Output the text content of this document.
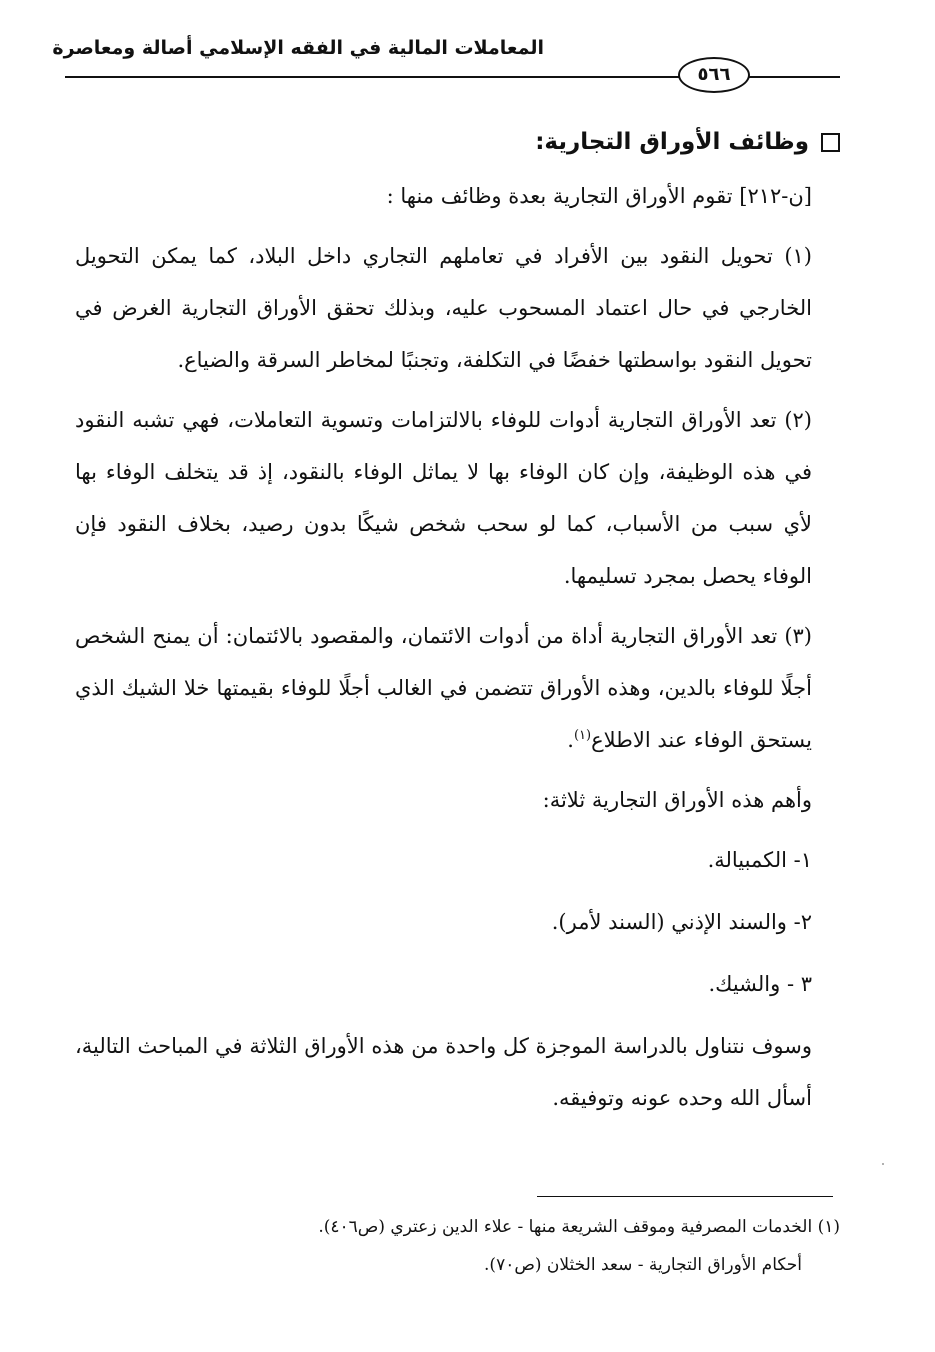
المعاملات المالية في الفقه الإسلامي أصالة ومعاصرة
٥٦٦
وظائف الأوراق التجارية:

[ن-٢١٢] تقوم الأوراق التجارية بعدة وظائف منها :

(١) تحويل النقود بين الأفراد في تعاملهم التجاري داخل البلاد، كما يمكن التحويل الخارجي في حال اعتماد المسحوب عليه، وبذلك تحقق الأوراق التجارية الغرض في تحويل النقود بواسطتها خفضًا في التكلفة، وتجنبًا لمخاطر السرقة والضياع.

(٢) تعد الأوراق التجارية أدوات للوفاء بالالتزامات وتسوية التعاملات، فهي تشبه النقود في هذه الوظيفة، وإن كان الوفاء بها لا يماثل الوفاء بالنقود، إذ قد يتخلف الوفاء بها لأي سبب من الأسباب، كما لو سحب شخص شيكًا بدون رصيد، بخلاف النقود فإن الوفاء يحصل بمجرد تسليمها.

(٣) تعد الأوراق التجارية أداة من أدوات الائتمان، والمقصود بالائتمان: أن يمنح الشخص أجلًا للوفاء بالدين، وهذه الأوراق تتضمن في الغالب أجلًا للوفاء بقيمتها خلا الشيك الذي يستحق الوفاء عند الاطلاع$^{(١)}$.

وأهم هذه الأوراق التجارية ثلاثة:

١- الكمبيالة.
٢- والسند الإذني (السند لأمر).
٣ - والشيك.

وسوف نتناول بالدراسة الموجزة كل واحدة من هذه الأوراق الثلاثة في المباحث التالية، أسأل الله وحده عونه وتوفيقه.

(١) الخدمات المصرفية وموقف الشريعة منها - علاء الدين زعتري (ص٤٠٦).
أحكام الأوراق التجارية - سعد الخثلان (ص٧٠).
